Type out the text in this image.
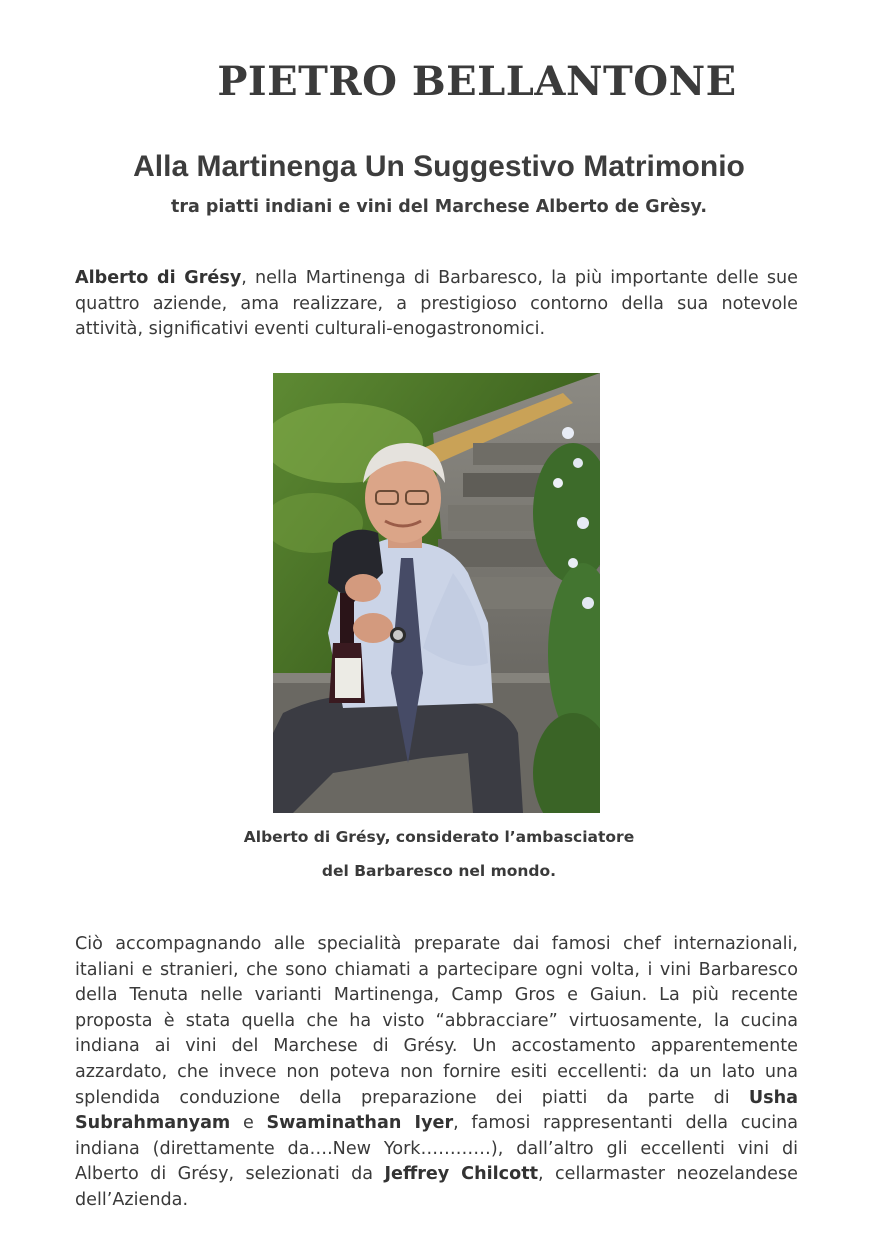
PIETRO BELLANTONE
Alla Martinenga Un Suggestivo Matrimonio
tra piatti indiani e vini del Marchese Alberto de Grèsy.

Alberto di Grésy, nella Martinenga di Barbaresco, la più importante delle sue quattro aziende, ama realizzare, a prestigioso contorno della sua notevole attività, significativi eventi culturali-enogastronomici.

Alberto di Grésy, considerato l’ambasciatore
del Barbaresco nel mondo.

Ciò accompagnando alle specialità preparate dai famosi chef internazionali, italiani e stranieri, che sono chiamati a partecipare ogni volta, i vini Barbaresco della Tenuta nelle varianti Martinenga, Camp Gros e Gaiun. La più recente proposta è stata quella che ha visto “abbracciare” virtuosamente, la cucina indiana ai vini del Marchese di Grésy. Un accostamento apparentemente azzardato, che invece non poteva non fornire esiti eccellenti: da un lato una splendida conduzione della preparazione dei piatti da parte di Usha Subrahmanyam e Swaminathan Iyer, famosi rappresentanti della cucina indiana (direttamente da….New York…………), dall’altro gli eccellenti vini di Alberto di Grésy, selezionati da Jeffrey Chilcott, cellarmaster neozelandese dell’Azienda.
